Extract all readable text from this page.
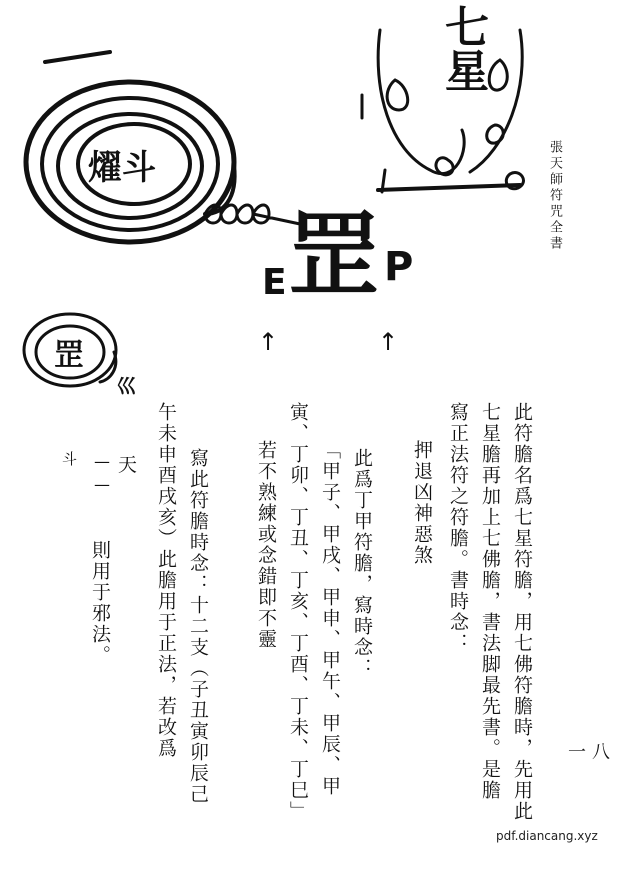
七星
燿斗
罡
E P
罡
巛
↑	↑
張天師符咒全書
此符膽名爲七星符膽，用七佛符膽時，先用此
七星膽再加上七佛膽，書法脚最先書。是膽
寫正法符之符膽。書時念：
押退凶神惡煞
此爲丁甲符膽，寫時念：
「甲子、甲戌、甲申、甲午、甲辰、甲
寅、丁卯、丁丑、丁亥、丁酉、丁未、丁巳」
若不熟練或念錯即不靈
寫此符膽時念：十二支（子丑寅卯辰己
午未申酉戌亥）此膽用于正法，若改爲
天
—
斗
—
則用于邪法。
一八
pdf.diancang.xyz
